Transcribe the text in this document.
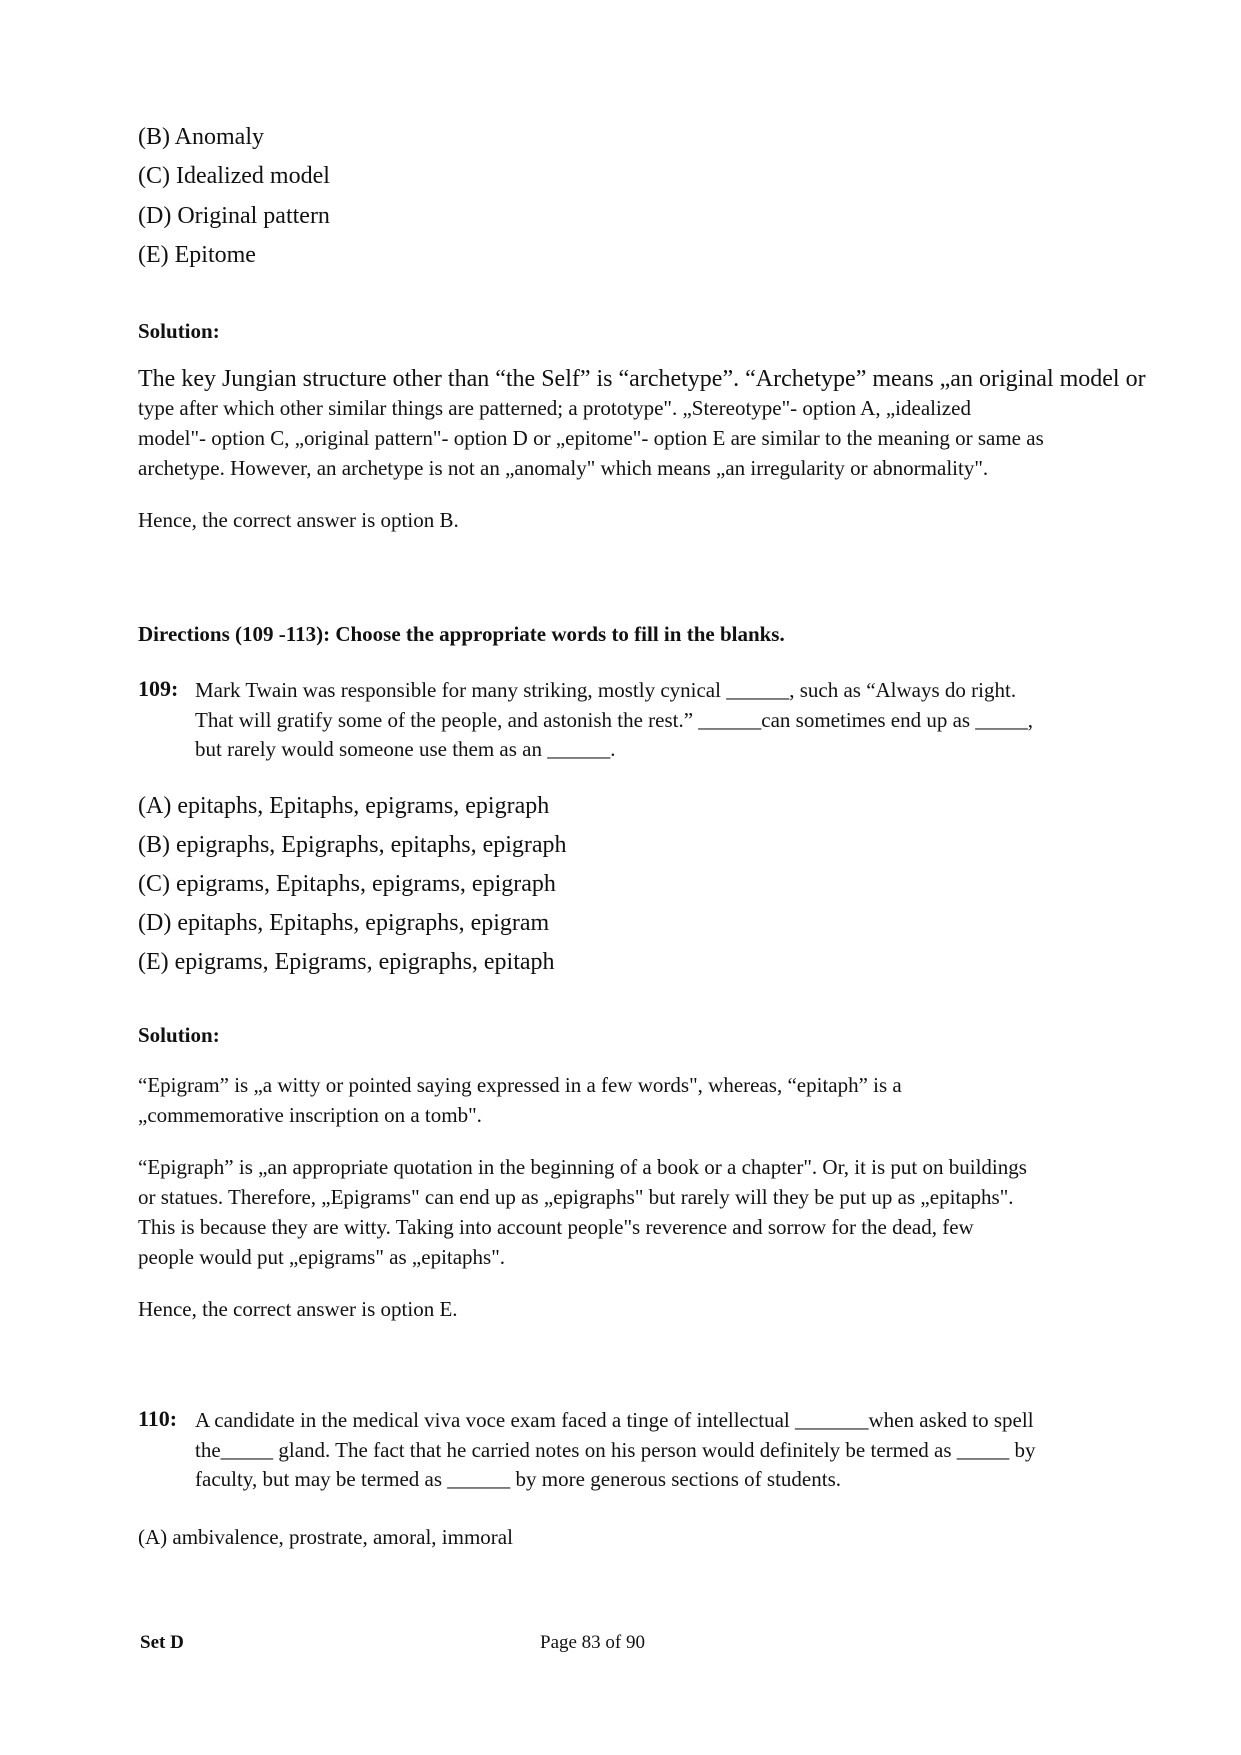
(B) Anomaly
(C) Idealized model
(D) Original pattern
(E) Epitome
Solution:
The key Jungian structure other than “the Self” is “archetype”. “Archetype” means „an original model or
type after which other similar things are patterned; a prototype". „Stereotype"- option A, „idealized
model"- option C, „original pattern"- option D or „epitome"- option E are similar to the meaning or same as
archetype. However, an archetype is not an „anomaly" which means „an irregularity or abnormality".
Hence, the correct answer is option B.
Directions (109 -113): Choose the appropriate words to fill in the blanks.
109: Mark Twain was responsible for many striking, mostly cynical ______, such as “Always do right.
That will gratify some of the people, and astonish the rest.” ______can sometimes end up as _____,
but rarely would someone use them as an ______.
(A) epitaphs, Epitaphs, epigrams, epigraph
(B) epigraphs, Epigraphs, epitaphs, epigraph
(C) epigrams, Epitaphs, epigrams, epigraph
(D) epitaphs, Epitaphs, epigraphs, epigram
(E) epigrams, Epigrams, epigraphs, epitaph
Solution:
“Epigram” is „a witty or pointed saying expressed in a few words", whereas, “epitaph” is a
„commemorative inscription on a tomb".
“Epigraph” is „an appropriate quotation in the beginning of a book or a chapter". Or, it is put on buildings
or statues. Therefore, „Epigrams" can end up as „epigraphs" but rarely will they be put up as „epitaphs".
This is because they are witty. Taking into account people"s reverence and sorrow for the dead, few
people would put „epigrams" as „epitaphs".
Hence, the correct answer is option E.
110: A candidate in the medical viva voce exam faced a tinge of intellectual _______when asked to spell
the_____ gland. The fact that he carried notes on his person would definitely be termed as _____ by
faculty, but may be termed as ______ by more generous sections of students.
(A) ambivalence, prostrate, amoral, immoral
Set D	Page 83 of 90
